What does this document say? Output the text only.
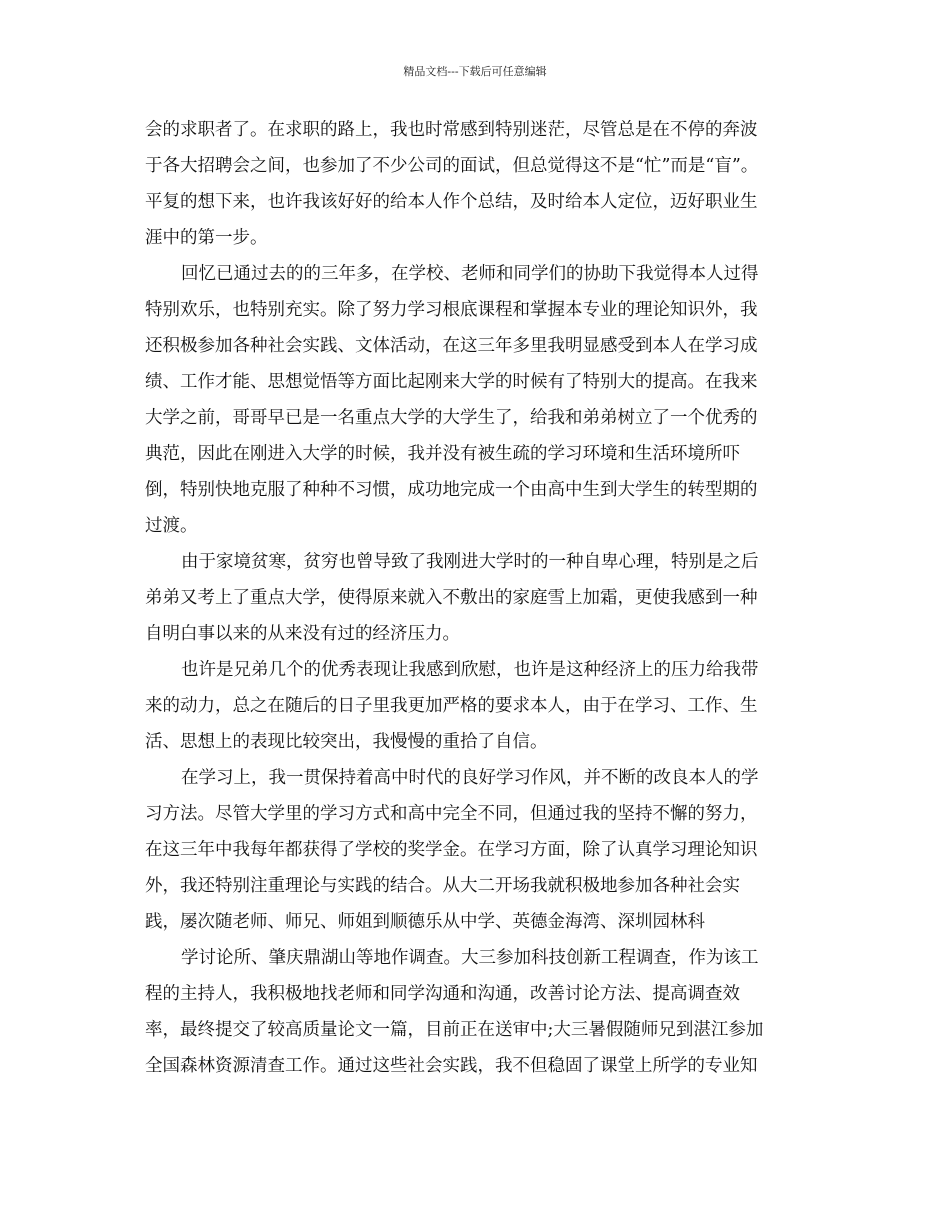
精品文档---下载后可任意编辑
会的求职者了。在求职的路上，我也时常感到特别迷茫，尽管总是在不停的奔波
于各大招聘会之间，也参加了不少公司的面试，但总觉得这不是“忙”而是“盲”。
平复的想下来，也许我该好好的给本人作个总结，及时给本人定位，迈好职业生
涯中的第一步。
回忆已通过去的的三年多，在学校、老师和同学们的协助下我觉得本人过得
特别欢乐，也特别充实。除了努力学习根底课程和掌握本专业的理论知识外，我
还积极参加各种社会实践、文体活动，在这三年多里我明显感受到本人在学习成
绩、工作才能、思想觉悟等方面比起刚来大学的时候有了特别大的提高。在我来
大学之前，哥哥早已是一名重点大学的大学生了，给我和弟弟树立了一个优秀的
典范，因此在刚进入大学的时候，我并没有被生疏的学习环境和生活环境所吓
倒，特别快地克服了种种不习惯，成功地完成一个由高中生到大学生的转型期的
过渡。
由于家境贫寒，贫穷也曾导致了我刚进大学时的一种自卑心理，特别是之后
弟弟又考上了重点大学，使得原来就入不敷出的家庭雪上加霜，更使我感到一种
自明白事以来的从来没有过的经济压力。
也许是兄弟几个的优秀表现让我感到欣慰，也许是这种经济上的压力给我带
来的动力，总之在随后的日子里我更加严格的要求本人，由于在学习、工作、生
活、思想上的表现比较突出，我慢慢的重拾了自信。
在学习上，我一贯保持着高中时代的良好学习作风，并不断的改良本人的学
习方法。尽管大学里的学习方式和高中完全不同，但通过我的坚持不懈的努力，
在这三年中我每年都获得了学校的奖学金。在学习方面，除了认真学习理论知识
外，我还特别注重理论与实践的结合。从大二开场我就积极地参加各种社会实
践，屡次随老师、师兄、师姐到顺德乐从中学、英德金海湾、深圳园林科
学讨论所、肇庆鼎湖山等地作调查。大三参加科技创新工程调查，作为该工
程的主持人，我积极地找老师和同学沟通和沟通，改善讨论方法、提高调查效
率，最终提交了较高质量论文一篇，目前正在送审中;大三暑假随师兄到湛江参加
全国森林资源清查工作。通过这些社会实践，我不但稳固了课堂上所学的专业知
